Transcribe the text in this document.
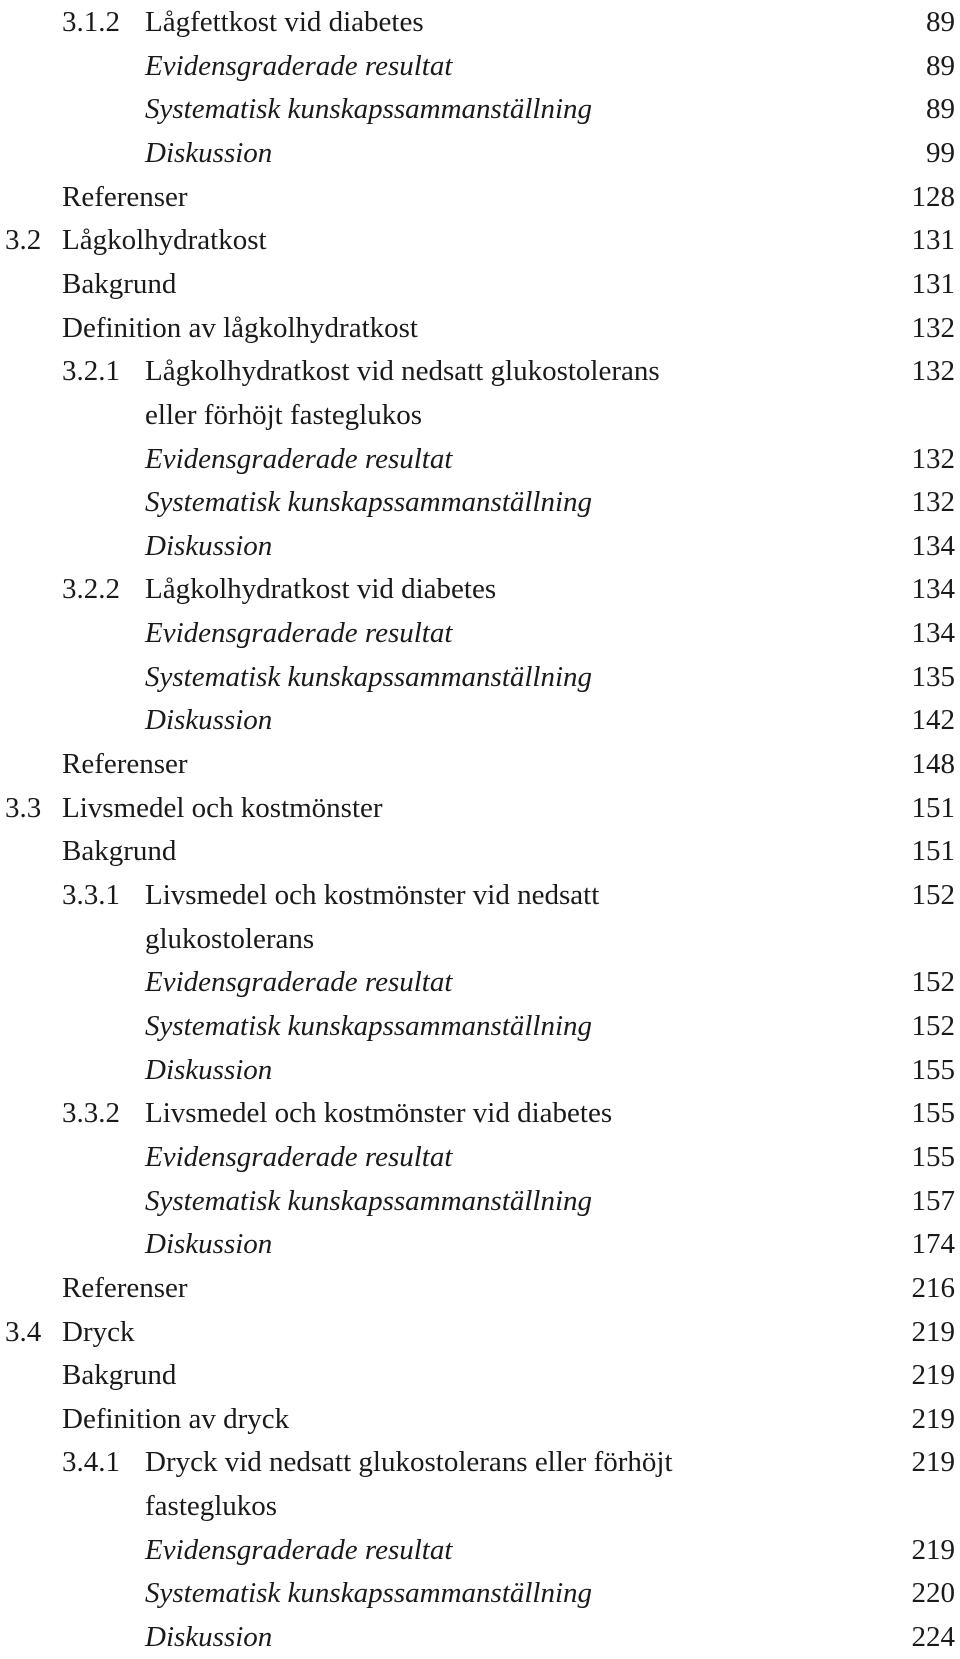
3.1.2 Lågfettkost vid diabetes	89
Evidensgraderade resultat	89
Systematisk kunskapssammanställning	89
Diskussion	99
Referenser	128
3.2 Lågkolhydratkost	131
Bakgrund	131
Definition av lågkolhydratkost	132
3.2.1 Lågkolhydratkost vid nedsatt glukostolerans	132
eller förhöjt fasteglukos
Evidensgraderade resultat	132
Systematisk kunskapssammanställning	132
Diskussion	134
3.2.2 Lågkolhydratkost vid diabetes	134
Evidensgraderade resultat	134
Systematisk kunskapssammanställning	135
Diskussion	142
Referenser	148
3.3 Livsmedel och kostmönster	151
Bakgrund	151
3.3.1 Livsmedel och kostmönster vid nedsatt	152
glukostolerans
Evidensgraderade resultat	152
Systematisk kunskapssammanställning	152
Diskussion	155
3.3.2 Livsmedel och kostmönster vid diabetes	155
Evidensgraderade resultat	155
Systematisk kunskapssammanställning	157
Diskussion	174
Referenser	216
3.4 Dryck	219
Bakgrund	219
Definition av dryck	219
3.4.1 Dryck vid nedsatt glukostolerans eller förhöjt	219
fasteglukos
Evidensgraderade resultat	219
Systematisk kunskapssammanställning	220
Diskussion	224
